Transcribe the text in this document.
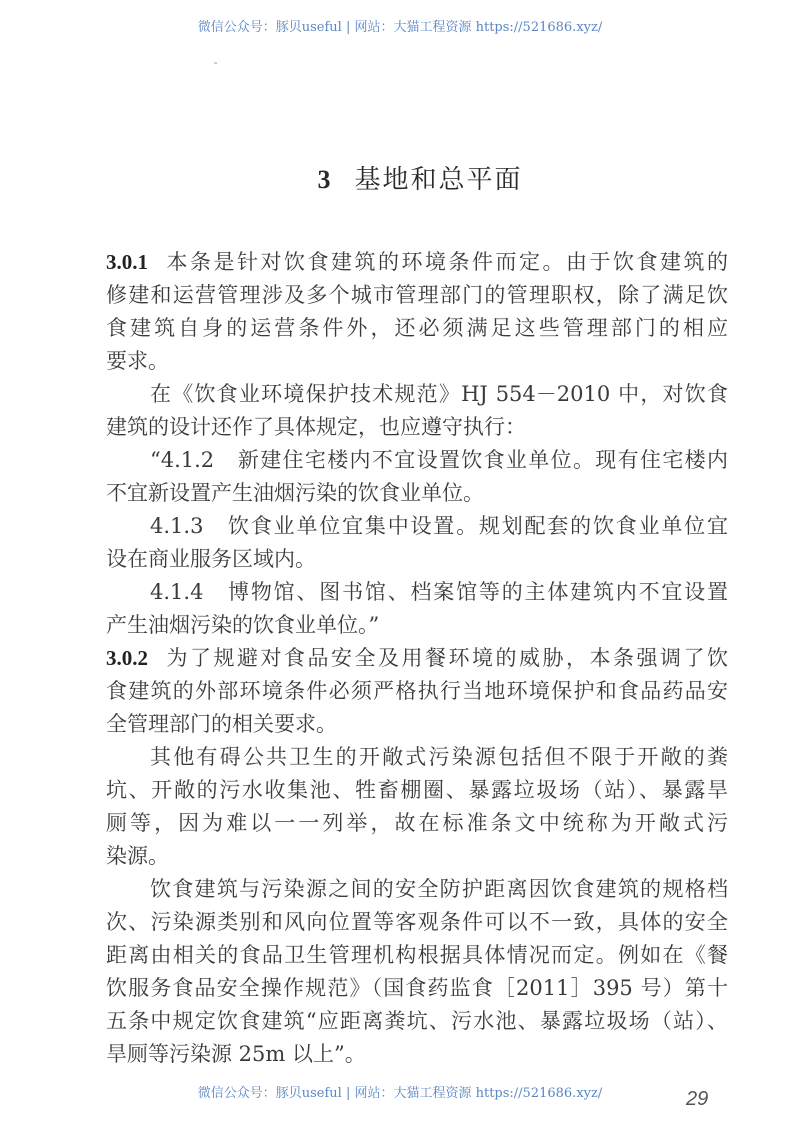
微信公众号：豚贝useful | 网站：大猫工程资源 https://521686.xyz/
-
3 基地和总平面
3.0.1 本条是针对饮食建筑的环境条件而定。由于饮食建筑的
修建和运营管理涉及多个城市管理部门的管理职权，除了满足饮
食建筑自身的运营条件外，还必须满足这些管理部门的相应
要求。
在《饮食业环境保护技术规范》HJ 554－2010 中，对饮食
建筑的设计还作了具体规定，也应遵守执行：
“4.1.2　新建住宅楼内不宜设置饮食业单位。现有住宅楼内
不宜新设置产生油烟污染的饮食业单位。
4.1.3　饮食业单位宜集中设置。规划配套的饮食业单位宜
设在商业服务区域内。
4.1.4　博物馆、图书馆、档案馆等的主体建筑内不宜设置
产生油烟污染的饮食业单位。”
3.0.2 为了规避对食品安全及用餐环境的威胁，本条强调了饮
食建筑的外部环境条件必须严格执行当地环境保护和食品药品安
全管理部门的相关要求。
其他有碍公共卫生的开敞式污染源包括但不限于开敞的粪
坑、开敞的污水收集池、牲畜棚圈、暴露垃圾场（站）、暴露旱
厕等，因为难以一一列举，故在标准条文中统称为开敞式污
染源。
饮食建筑与污染源之间的安全防护距离因饮食建筑的规格档
次、污染源类别和风向位置等客观条件可以不一致，具体的安全
距离由相关的食品卫生管理机构根据具体情况而定。例如在《餐
饮服务食品安全操作规范》（国食药监食［2011］395 号）第十
五条中规定饮食建筑“应距离粪坑、污水池、暴露垃圾场（站）、
旱厕等污染源 25m 以上”。
微信公众号：豚贝useful | 网站：大猫工程资源 https://521686.xyz/	29
